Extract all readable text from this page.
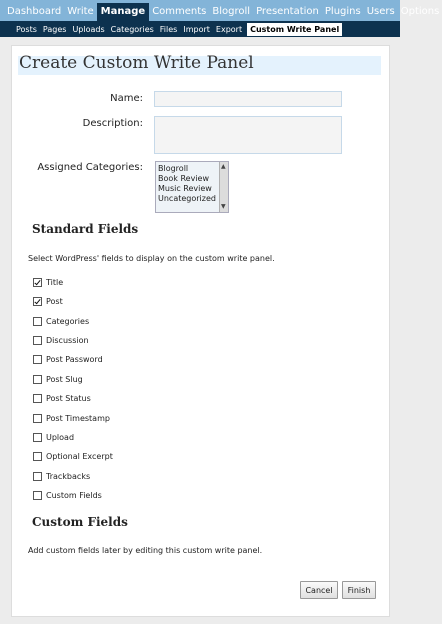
Dashboard Write Manage Comments Blogroll Presentation Plugins Users Options
Posts Pages Uploads Categories Files Import Export	Custom Write Panel
Create Custom Write Panel
Name:
Description:
Assigned Categories: Blogroll
Book Review
Music Review
Uncategorized
▲
▼
Standard Fields
Select WordPress' fields to display on the custom write panel.
Title
Post
Categories
Discussion
Post Password
Post Slug
Post Status
Post Timestamp
Upload
Optional Excerpt
Trackbacks
Custom Fields
Custom Fields
Add custom fields later by editing this custom write panel.
Cancel	Finish
